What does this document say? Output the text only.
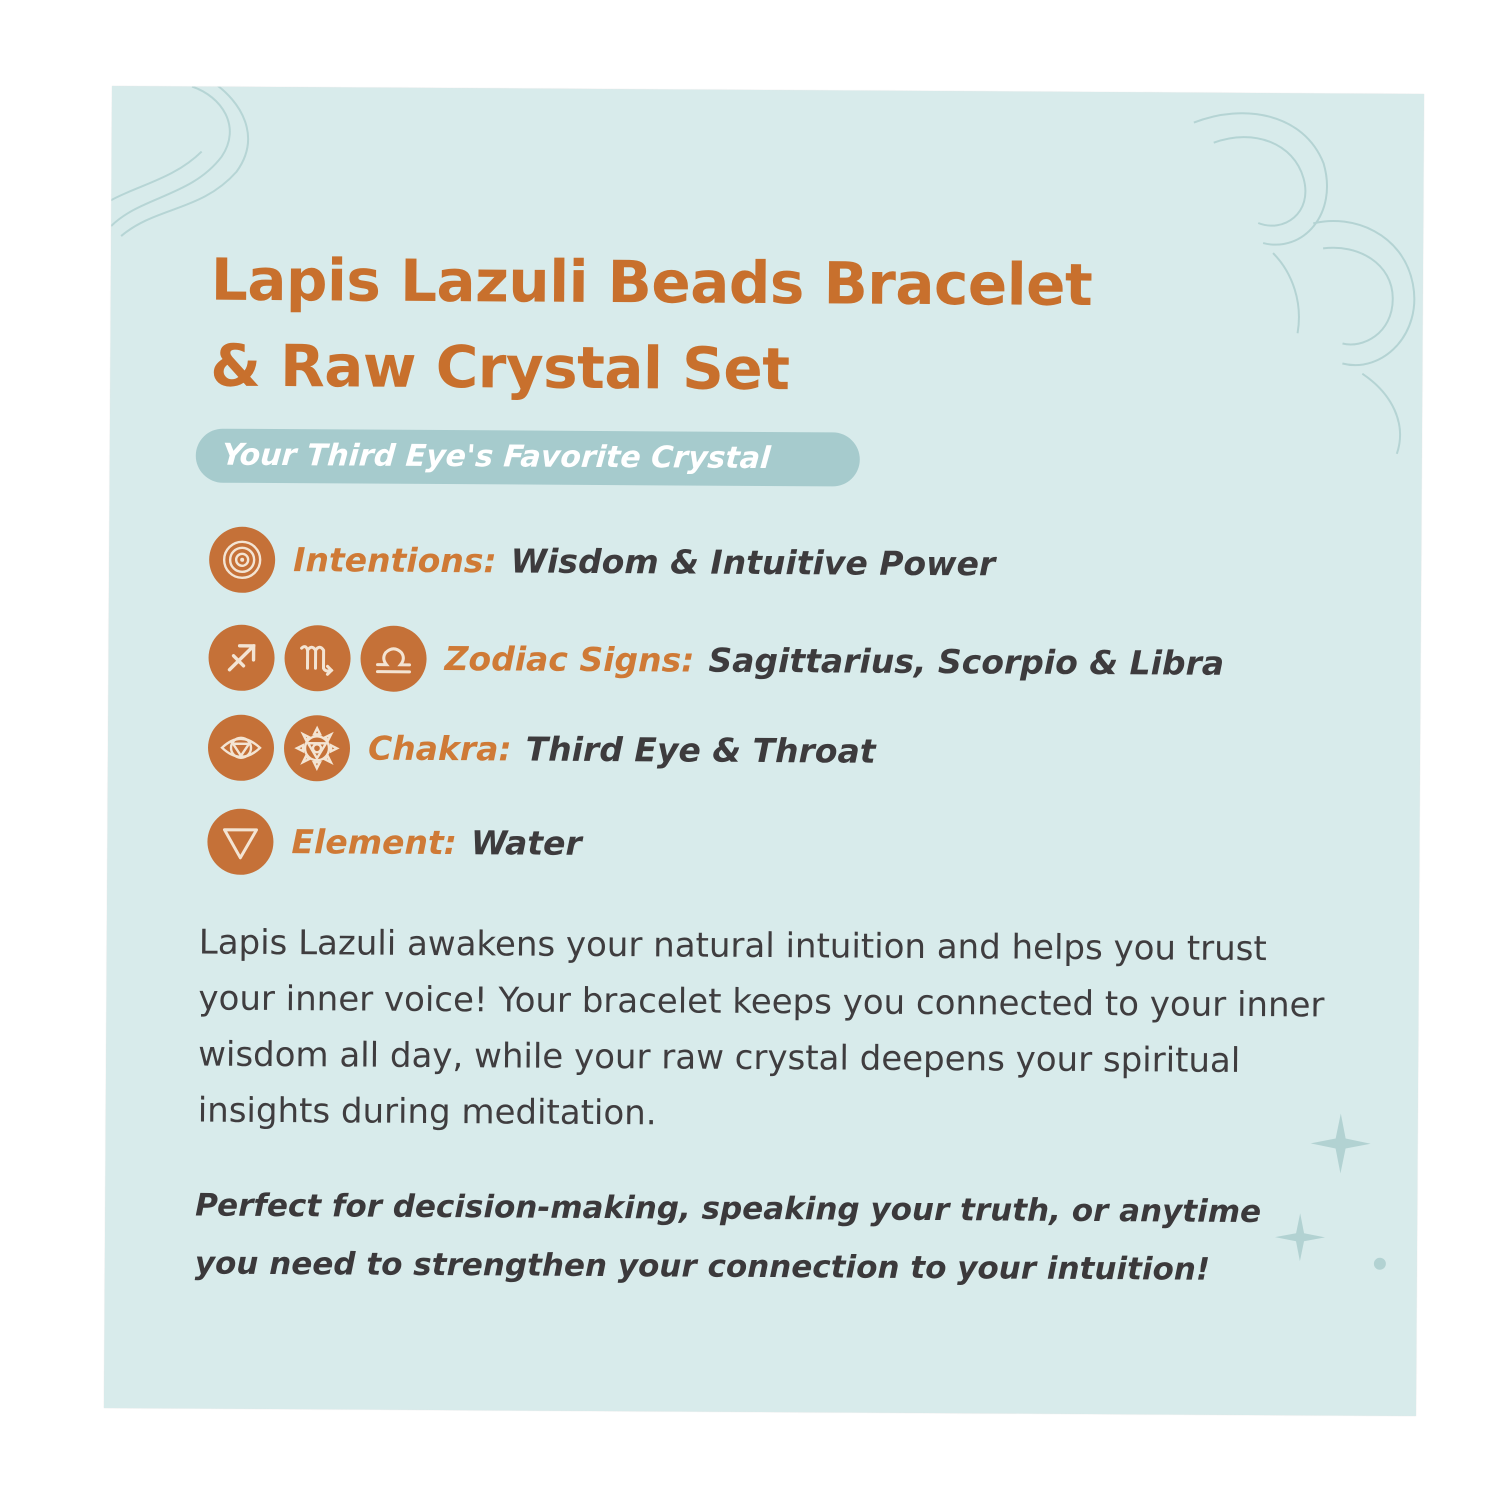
Lapis Lazuli Beads Bracelet
& Raw Crystal Set
Your Third Eye's Favorite Crystal
Intentions: Wisdom & Intuitive Power
Zodiac Signs: Sagittarius, Scorpio & Libra
Chakra: Third Eye & Throat
Element: Water

Lapis Lazuli awakens your natural intuition and helps you trust your inner voice! Your bracelet keeps you connected to your inner wisdom all day, while your raw crystal deepens your spiritual insights during meditation.

Perfect for decision-making, speaking your truth, or anytime you need to strengthen your connection to your intuition!
